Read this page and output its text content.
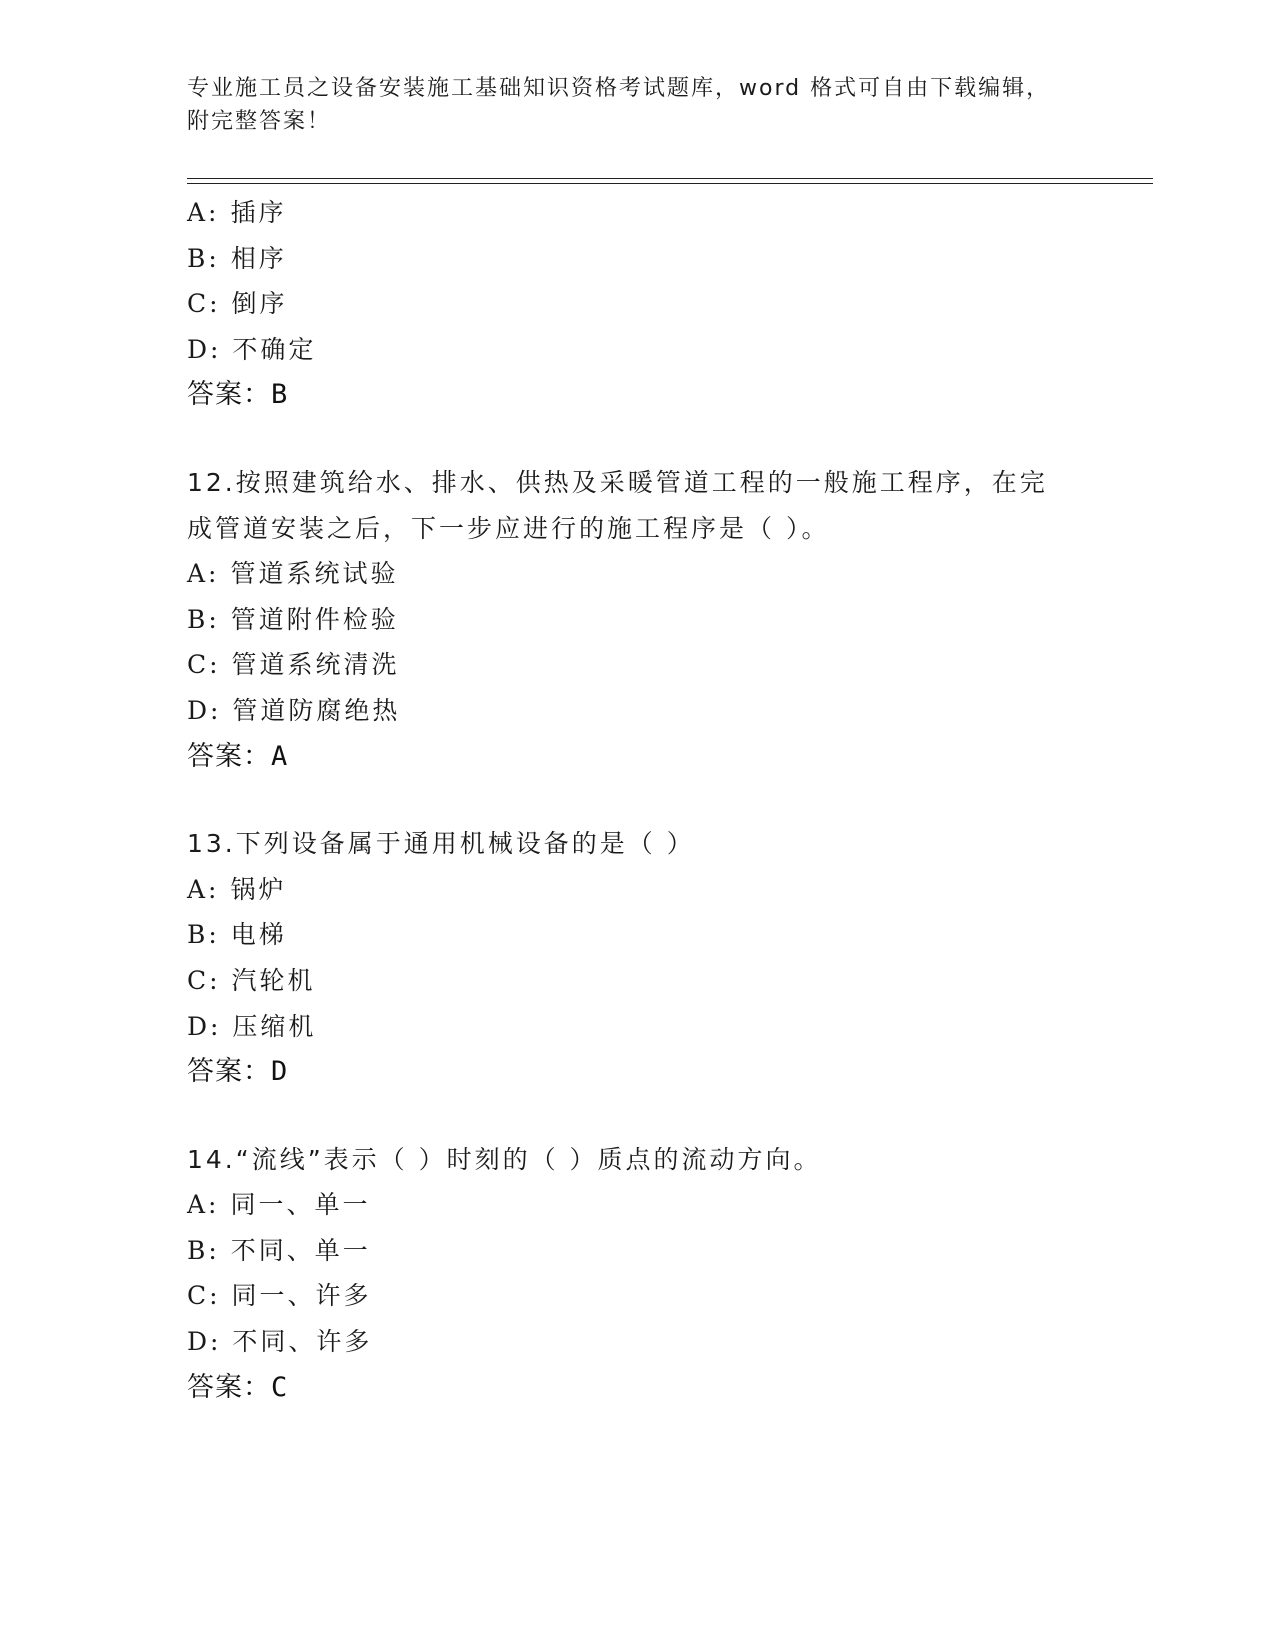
专业施工员之设备安装施工基础知识资格考试题库，word 格式可自由下载编辑，
附完整答案！
A: 插序
B: 相序
C: 倒序
D: 不确定
答案：B
12.按照建筑给水、排水、供热及采暖管道工程的一般施工程序，在完
成管道安装之后，下一步应进行的施工程序是（ ）。
A: 管道系统试验
B: 管道附件检验
C: 管道系统清洗
D: 管道防腐绝热
答案：A
13.下列设备属于通用机械设备的是（ ）
A: 锅炉
B: 电梯
C: 汽轮机
D: 压缩机
答案：D
14.“流线”表示（ ）时刻的（ ）质点的流动方向。
A: 同一、单一
B: 不同、单一
C: 同一、许多
D: 不同、许多
答案：C
